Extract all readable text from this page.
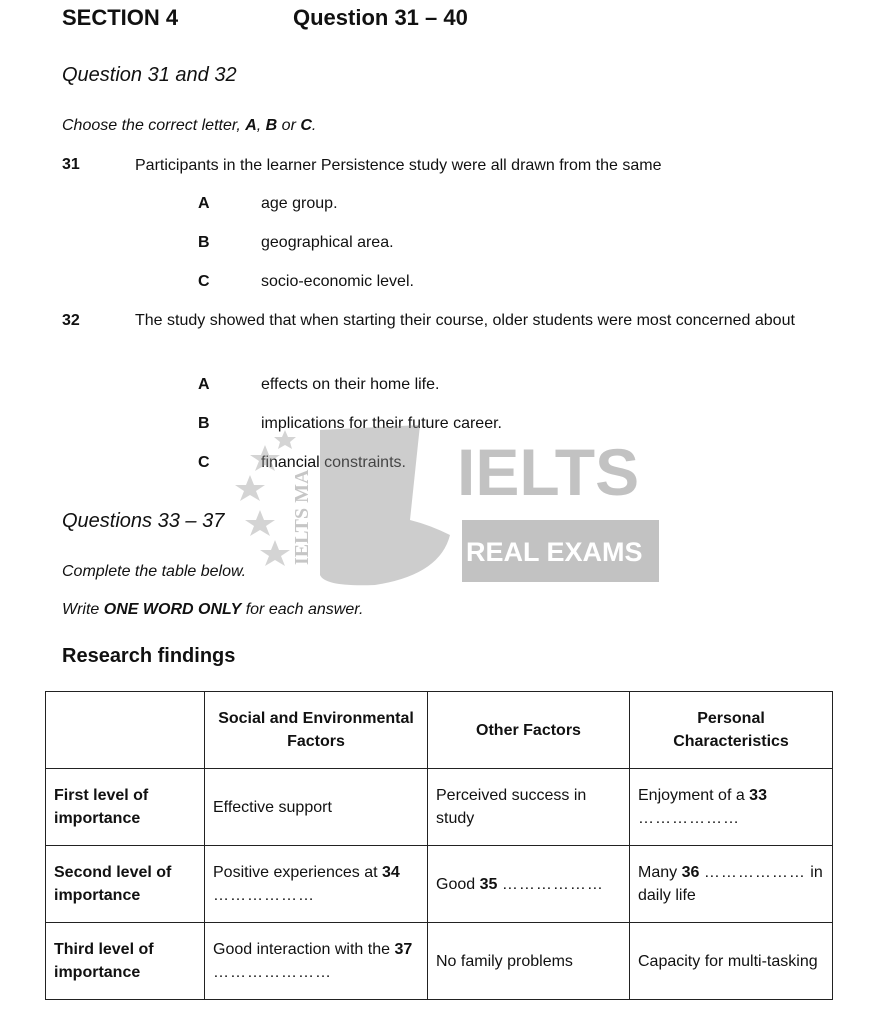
SECTION 4	Question 31 – 40
Question 31 and 32
Choose the correct letter, A, B or C.
31	Participants in the learner Persistence study were all drawn from the same
A	age group.
B	geographical area.
C	socio-economic level.
32	The study showed that when starting their course, older students were most concerned about
A	effects on their home life.
B	implications for their future career.
C	financial constraints.
Questions 33 – 37
Complete the table below.
Write ONE WORD ONLY for each answer.
Research findings
	Social and Environmental Factors	Other Factors	Personal Characteristics
First level of importance	Effective support	Perceived success in study	Enjoyment of a 33 ………………
Second level of importance	Positive experiences at 34 ………………	Good 35 ………………	Many 36 ……………… in daily life
Third level of importance	Good interaction with the 37 …………………	No family problems	Capacity for multi-tasking
IELTS MA IELTS
REAL EXAMS
